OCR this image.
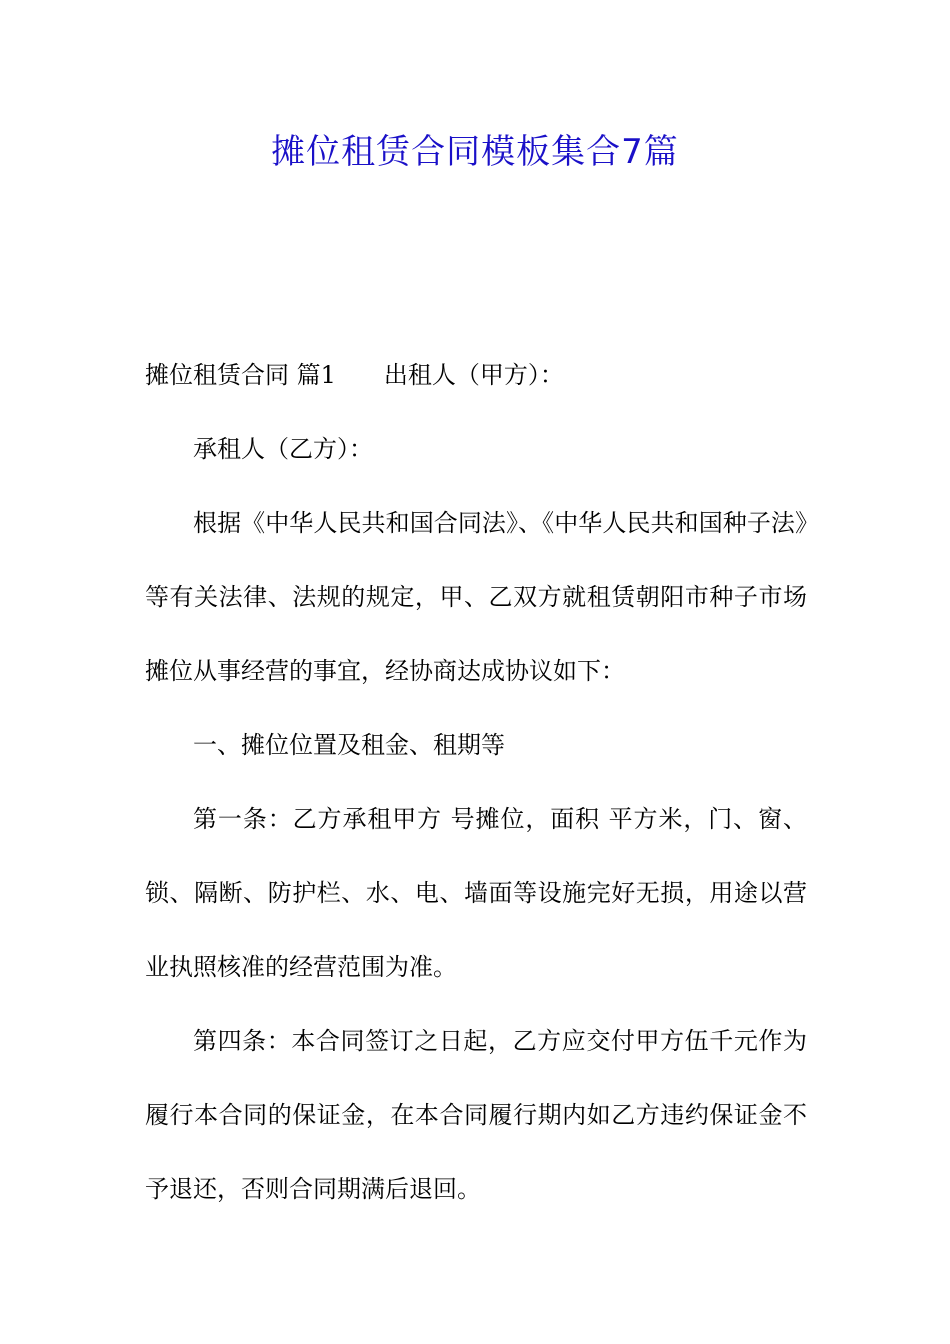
摊位租赁合同模板集合7篇

摊位租赁合同 篇1 出租人（甲方）：

承租人（乙方）：

根据《中华人民共和国合同法》、《中华人民共和国种子法》等有关法律、法规的规定，甲、乙双方就租赁朝阳市种子市场摊位从事经营的事宜，经协商达成协议如下：

一、摊位位置及租金、租期等

第一条：乙方承租甲方 号摊位，面积 平方米，门、窗、锁、隔断、防护栏、水、电、墙面等设施完好无损，用途以营业执照核准的经营范围为准。

第四条：本合同签订之日起，乙方应交付甲方伍千元作为履行本合同的保证金，在本合同履行期内如乙方违约保证金不予退还，否则合同期满后退回。
